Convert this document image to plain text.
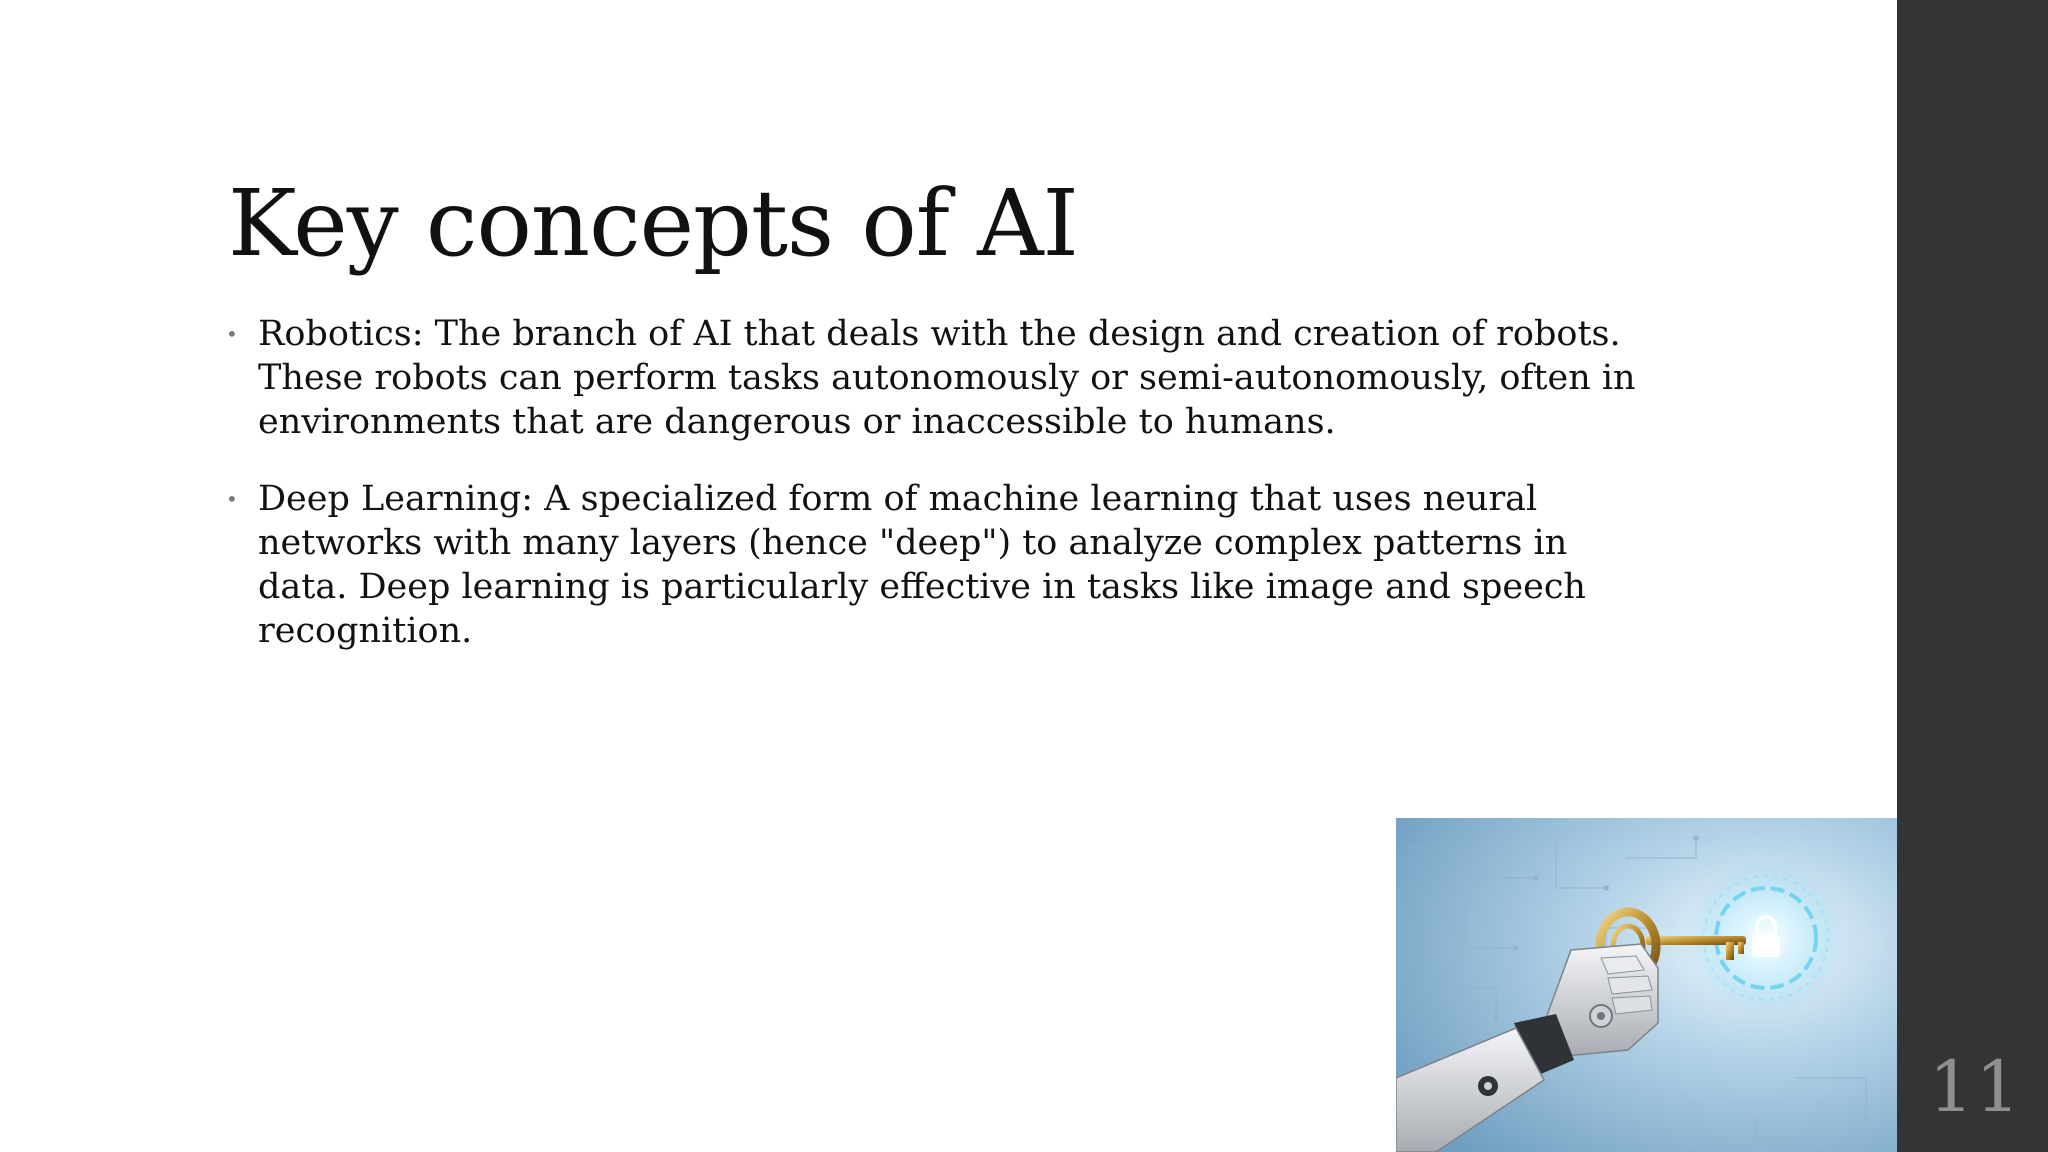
Key concepts of AI
• Robotics: The branch of AI that deals with the design and creation of robots. These robots can perform tasks autonomously or semi-autonomously, often in environments that are dangerous or inaccessible to humans.
• Deep Learning: A specialized form of machine learning that uses neural networks with many layers (hence "deep") to analyze complex patterns in data. Deep learning is particularly effective in tasks like image and speech recognition.
11
